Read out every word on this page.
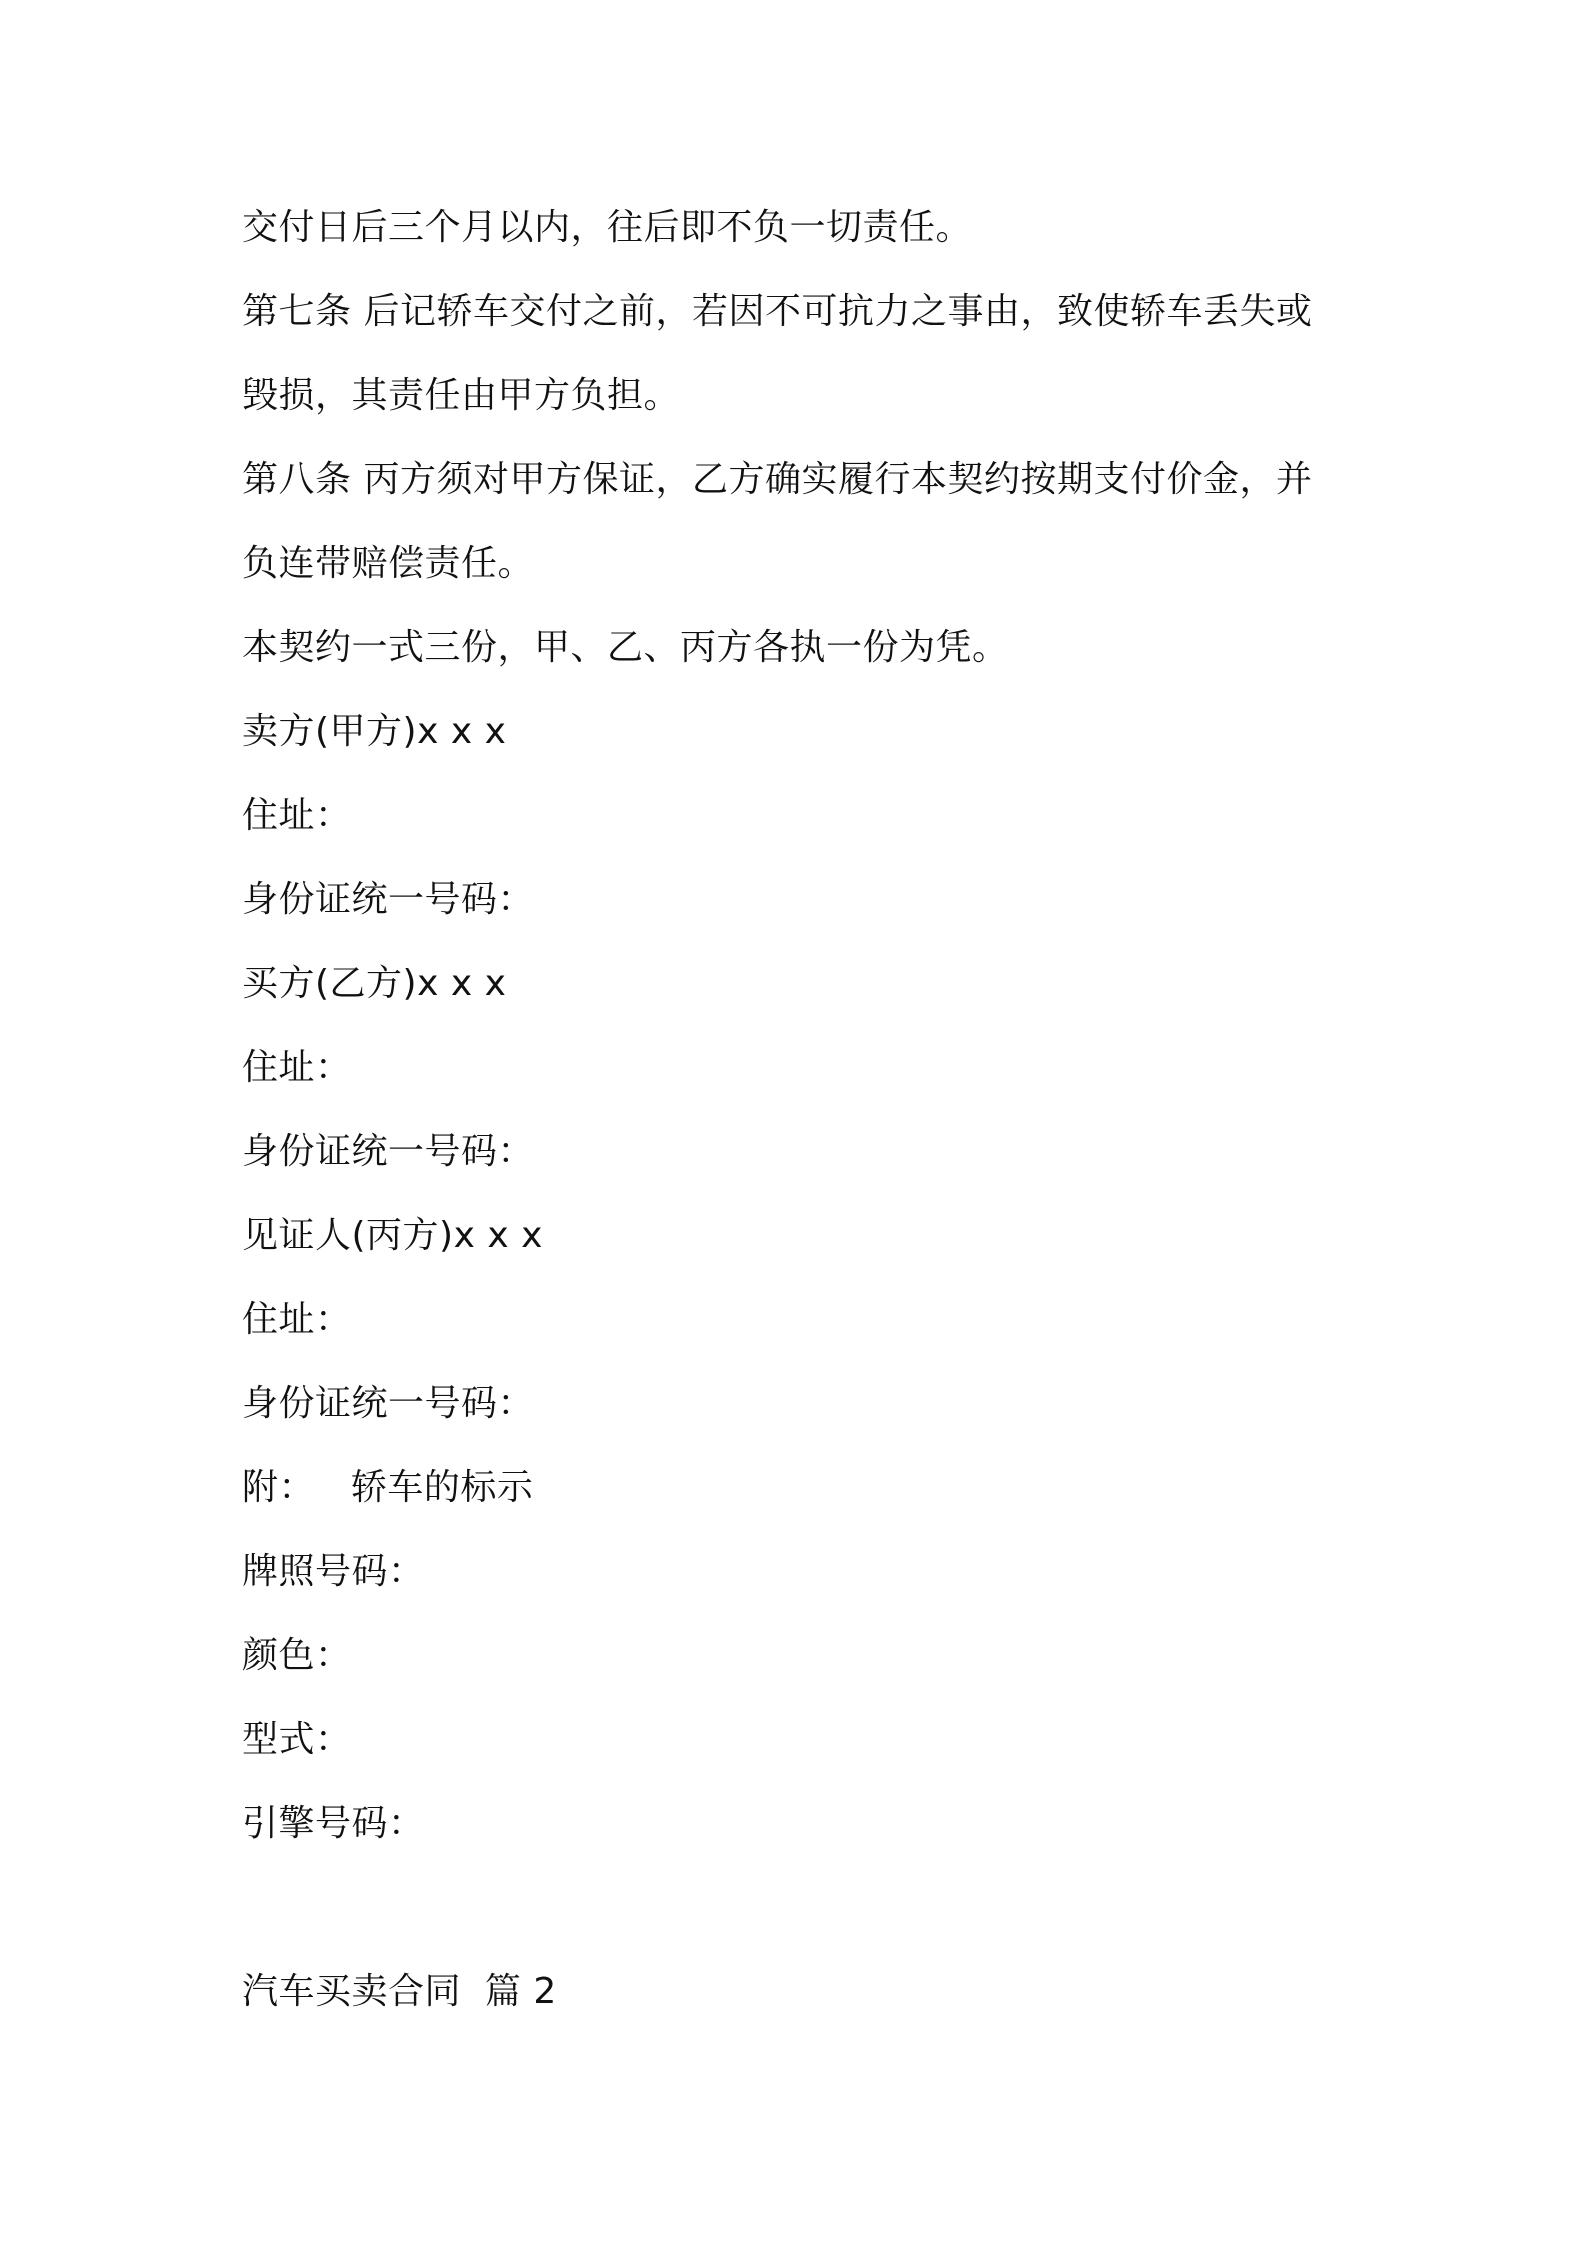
交付日后三个月以内，往后即不负一切责任。
第七条 后记轿车交付之前，若因不可抗力之事由，致使轿车丢失或
毁损，其责任由甲方负担。
第八条 丙方须对甲方保证，乙方确实履行本契约按期支付价金，并
负连带赔偿责任。
本契约一式三份，甲、乙、丙方各执一份为凭。
卖方(甲方)x x x
住址：
身份证统一号码：
买方(乙方)x x x
住址：
身份证统一号码：
见证人(丙方)x x x
住址：
身份证统一号码：
附：   轿车的标示
牌照号码：
颜色：
型式：
引擎号码：
汽车买卖合同  篇 2
